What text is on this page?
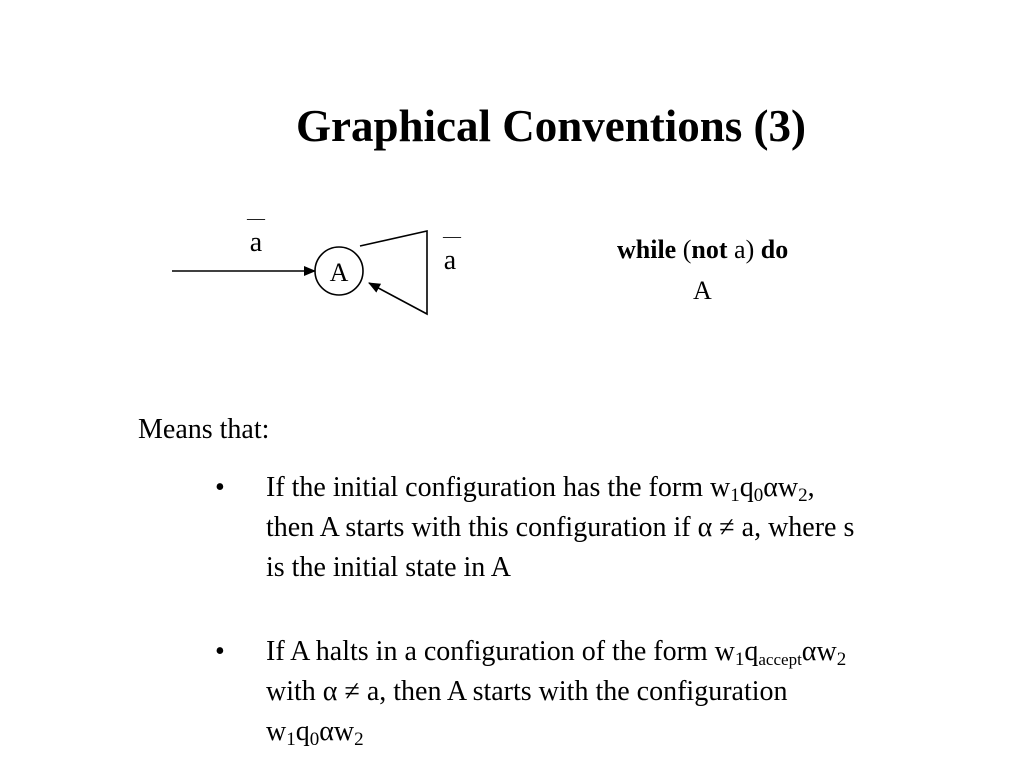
Graphical Conventions (3)
A
—
a	—
a	while (not a) do
A
Means that:
• If the initial configuration has the form $w_1q_0\alpha w_2$,
then A starts with this configuration if α ≠ a, where s
is the initial state in A
• If A halts in a configuration of the form $w_1q_{accept}\alpha w_2$
with α ≠ a, then A starts with the configuration
$w_1q_0\alpha w_2$
